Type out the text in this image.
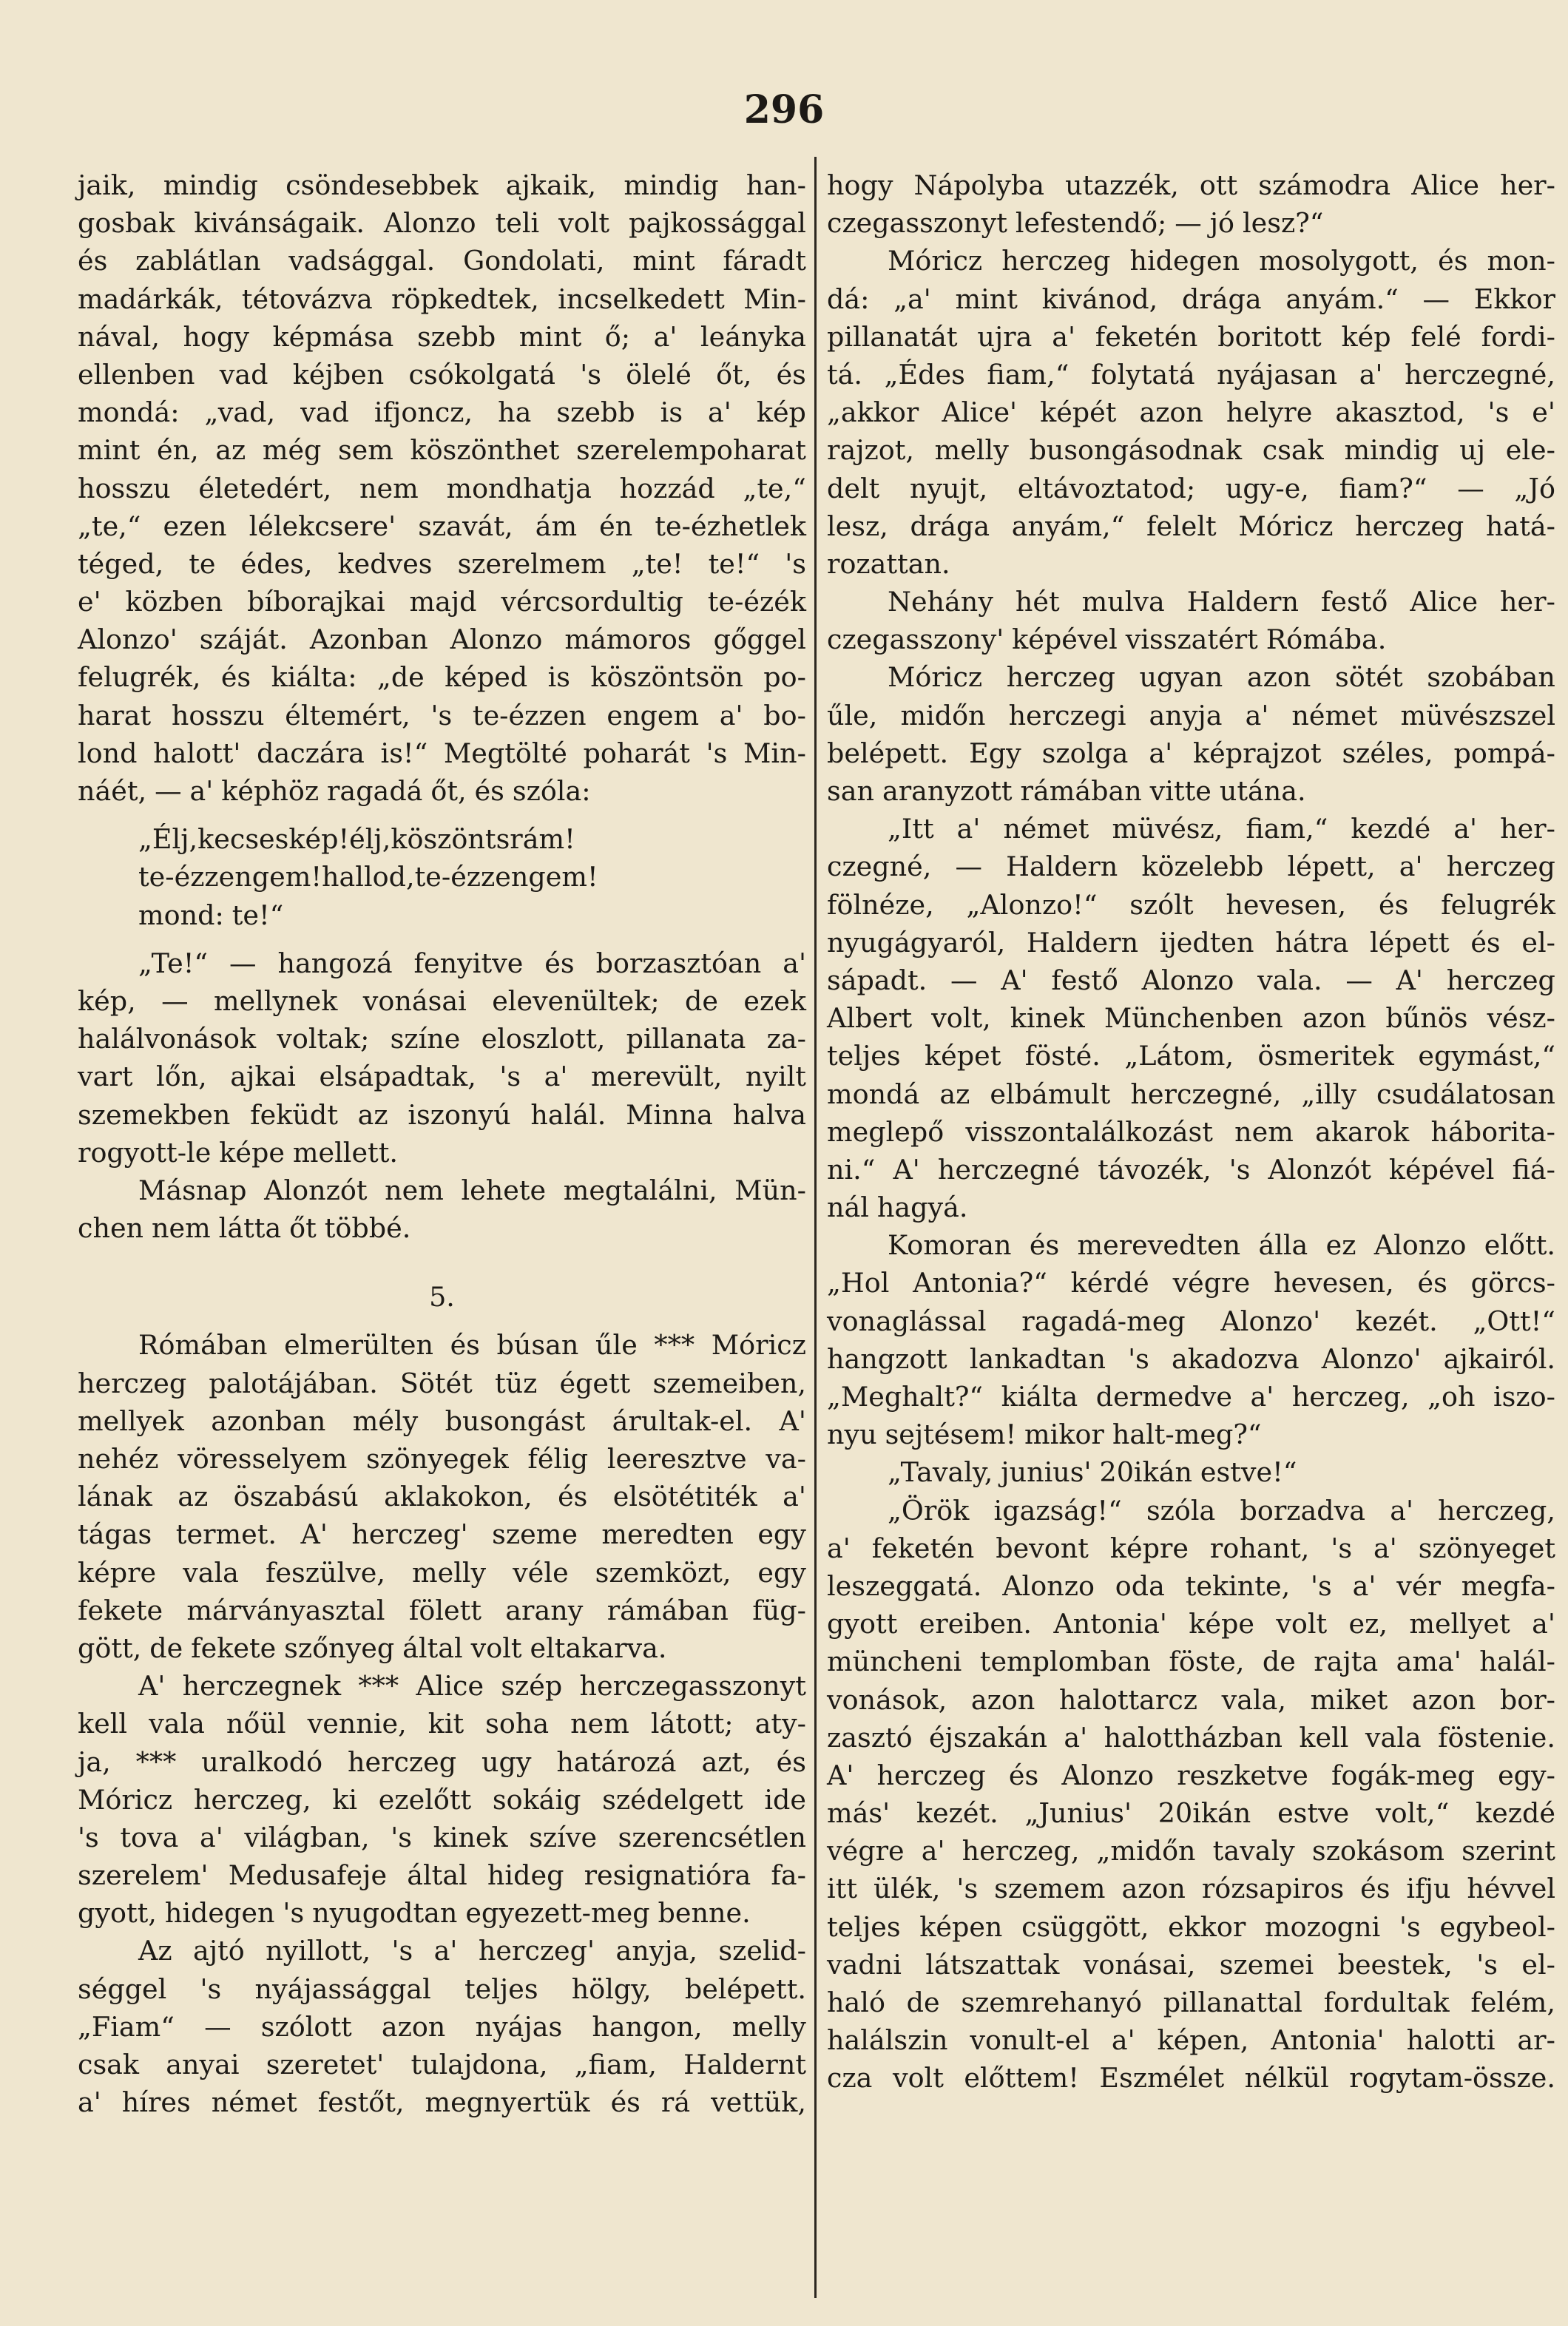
296
jaik, mindig csöndesebbek ajkaik, mindig han-
gosbak kivánságaik. Alonzo teli volt pajkossággal
és zablátlan vadsággal. Gondolati, mint fáradt
madárkák, tétovázva röpkedtek, incselkedett Min-
nával, hogy képmása szebb mint ő; a' leányka
ellenben vad kéjben csókolgatá 's ölelé őt, és
mondá: „vad, vad ifjoncz, ha szebb is a' kép
mint én, az még sem köszönthet szerelempoharat
hosszu életedért, nem mondhatja hozzád „te,“
„te,“ ezen lélekcsere' szavát, ám én te-ézhetlek
téged, te édes, kedves szerelmem „te! te!“ 's
e' közben bíborajkai majd vércsordultig te-ézék
Alonzo' száját. Azonban Alonzo mámoros gőggel
felugrék, és kiálta: „de képed is köszöntsön po-
harat hosszu éltemért, 's te-ézzen engem a' bo-
lond halott' daczára is!“ Megtölté poharát 's Min-
náét, — a' képhöz ragadá őt, és szóla:
„Élj, kecses kép! élj, köszönts rám!
te-ézz engem! hallod, te-ézz engem!
mond: te!“
„Te!“ — hangozá fenyitve és borzasztóan a'
kép, — mellynek vonásai elevenültek; de ezek
halálvonások voltak; színe eloszlott, pillanata za-
vart lőn, ajkai elsápadtak, 's a' merevült, nyilt
szemekben feküdt az iszonyú halál. Minna halva
rogyott-le képe mellett.
Másnap Alonzót nem lehete megtalálni, Mün-
chen nem látta őt többé.
5.
Rómában elmerülten és búsan űle *** Móricz
herczeg palotájában. Sötét tüz égett szemeiben,
mellyek azonban mély busongást árultak-el. A'
nehéz vöresselyem szönyegek félig leeresztve va-
lának az öszabású aklakokon, és elsötétiték a'
tágas termet. A' herczeg' szeme meredten egy
képre vala feszülve, melly véle szemközt, egy
fekete márványasztal fölett arany rámában füg-
gött, de fekete szőnyeg által volt eltakarva.
A' herczegnek *** Alice szép herczegasszonyt
kell vala nőül vennie, kit soha nem látott; aty-
ja, *** uralkodó herczeg ugy határozá azt, és
Móricz herczeg, ki ezelőtt sokáig szédelgett ide
's tova a' világban, 's kinek szíve szerencsétlen
szerelem' Medusafeje által hideg resignatióra fa-
gyott, hidegen 's nyugodtan egyezett-meg benne.
Az ajtó nyillott, 's a' herczeg' anyja, szelid-
séggel 's nyájassággal teljes hölgy, belépett.
„Fiam“ — szólott azon nyájas hangon, melly
csak anyai szeretet' tulajdona, „fiam, Haldernt
a' híres német festőt, megnyertük és rá vettük,
hogy Nápolyba utazzék, ott számodra Alice her-
czegasszonyt lefestendő; — jó lesz?“
Móricz herczeg hidegen mosolygott, és mon-
dá: „a' mint kivánod, drága anyám.“ — Ekkor
pillanatát ujra a' feketén boritott kép felé fordi-
tá. „Édes fiam,“ folytatá nyájasan a' herczegné,
„akkor Alice' képét azon helyre akasztod, 's e'
rajzot, melly busongásodnak csak mindig uj ele-
delt nyujt, eltávoztatod; ugy-e, fiam?“ — „Jó
lesz, drága anyám,“ felelt Móricz herczeg hatá-
rozattan.
Nehány hét mulva Haldern festő Alice her-
czegasszony' képével visszatért Rómába.
Móricz herczeg ugyan azon sötét szobában
űle, midőn herczegi anyja a' német müvészszel
belépett. Egy szolga a' képrajzot széles, pompá-
san aranyzott rámában vitte utána.
„Itt a' német müvész, fiam,“ kezdé a' her-
czegné, — Haldern közelebb lépett, a' herczeg
fölnéze, „Alonzo!“ szólt hevesen, és felugrék
nyugágyaról, Haldern ijedten hátra lépett és el-
sápadt. — A' festő Alonzo vala. — A' herczeg
Albert volt, kinek Münchenben azon bűnös vész-
teljes képet fösté. „Látom, ösmeritek egymást,“
mondá az elbámult herczegné, „illy csudálatosan
meglepő visszontalálkozást nem akarok háborita-
ni.“ A' herczegné távozék, 's Alonzót képével fiá-
nál hagyá.
Komoran és merevedten álla ez Alonzo előtt.
„Hol Antonia?“ kérdé végre hevesen, és görcs-
vonaglással ragadá-meg Alonzo' kezét. „Ott!“
hangzott lankadtan 's akadozva Alonzo' ajkairól.
„Meghalt?“ kiálta dermedve a' herczeg, „oh iszo-
nyu sejtésem! mikor halt-meg?“
„Tavaly, junius' 20ikán estve!“
„Örök igazság!“ szóla borzadva a' herczeg,
a' feketén bevont képre rohant, 's a' szönyeget
leszeggatá. Alonzo oda tekinte, 's a' vér megfa-
gyott ereiben. Antonia' képe volt ez, mellyet a'
müncheni templomban föste, de rajta ama' halál-
vonások, azon halottarcz vala, miket azon bor-
zasztó éjszakán a' halottházban kell vala föstenie.
A' herczeg és Alonzo reszketve fogák-meg egy-
más' kezét. „Junius' 20ikán estve volt,“ kezdé
végre a' herczeg, „midőn tavaly szokásom szerint
itt ülék, 's szemem azon rózsapiros és ifju hévvel
teljes képen csüggött, ekkor mozogni 's egybeol-
vadni látszattak vonásai, szemei beestek, 's el-
haló de szemrehanyó pillanattal fordultak felém,
halálszin vonult-el a' képen, Antonia' halotti ar-
cza volt előttem! Eszmélet nélkül rogytam-össze.
